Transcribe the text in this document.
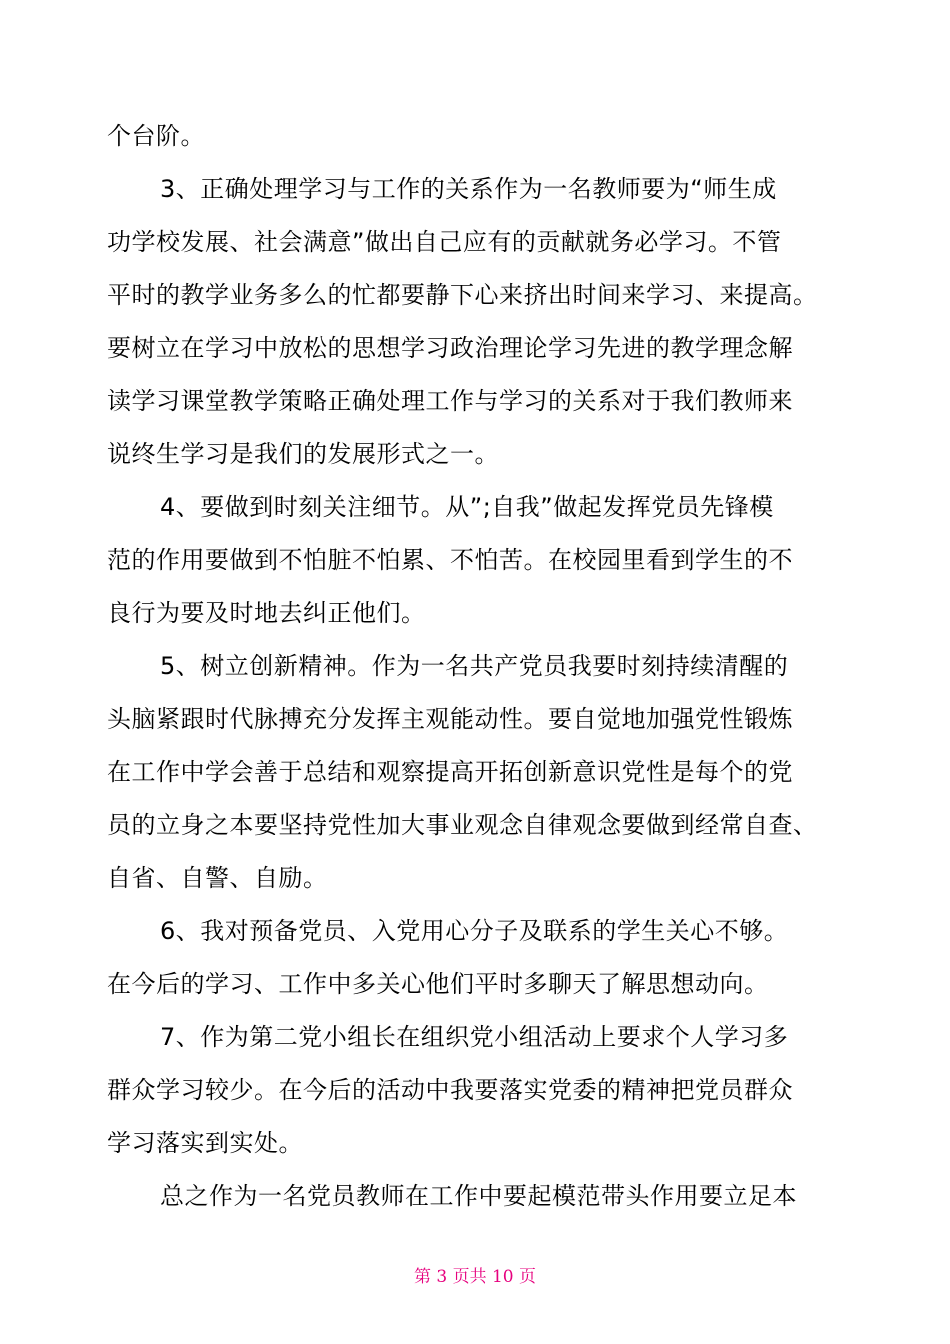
个台阶。
3、正确处理学习与工作的关系作为一名教师要为“师生成
功学校发展、社会满意”做出自己应有的贡献就务必学习。不管
平时的教学业务多么的忙都要静下心来挤出时间来学习、来提高。
要树立在学习中放松的思想学习政治理论学习先进的教学理念解
读学习课堂教学策略正确处理工作与学习的关系对于我们教师来
说终生学习是我们的发展形式之一。
4、要做到时刻关注细节。从”;自我”做起发挥党员先锋模
范的作用要做到不怕脏不怕累、不怕苦。在校园里看到学生的不
良行为要及时地去纠正他们。
5、树立创新精神。作为一名共产党员我要时刻持续清醒的
头脑紧跟时代脉搏充分发挥主观能动性。要自觉地加强党性锻炼
在工作中学会善于总结和观察提高开拓创新意识党性是每个的党
员的立身之本要坚持党性加大事业观念自律观念要做到经常自查、
自省、自警、自励。
6、我对预备党员、入党用心分子及联系的学生关心不够。
在今后的学习、工作中多关心他们平时多聊天了解思想动向。
7、作为第二党小组长在组织党小组活动上要求个人学习多
群众学习较少。在今后的活动中我要落实党委的精神把党员群众
学习落实到实处。
总之作为一名党员教师在工作中要起模范带头作用要立足本
第 3 页共 10 页
